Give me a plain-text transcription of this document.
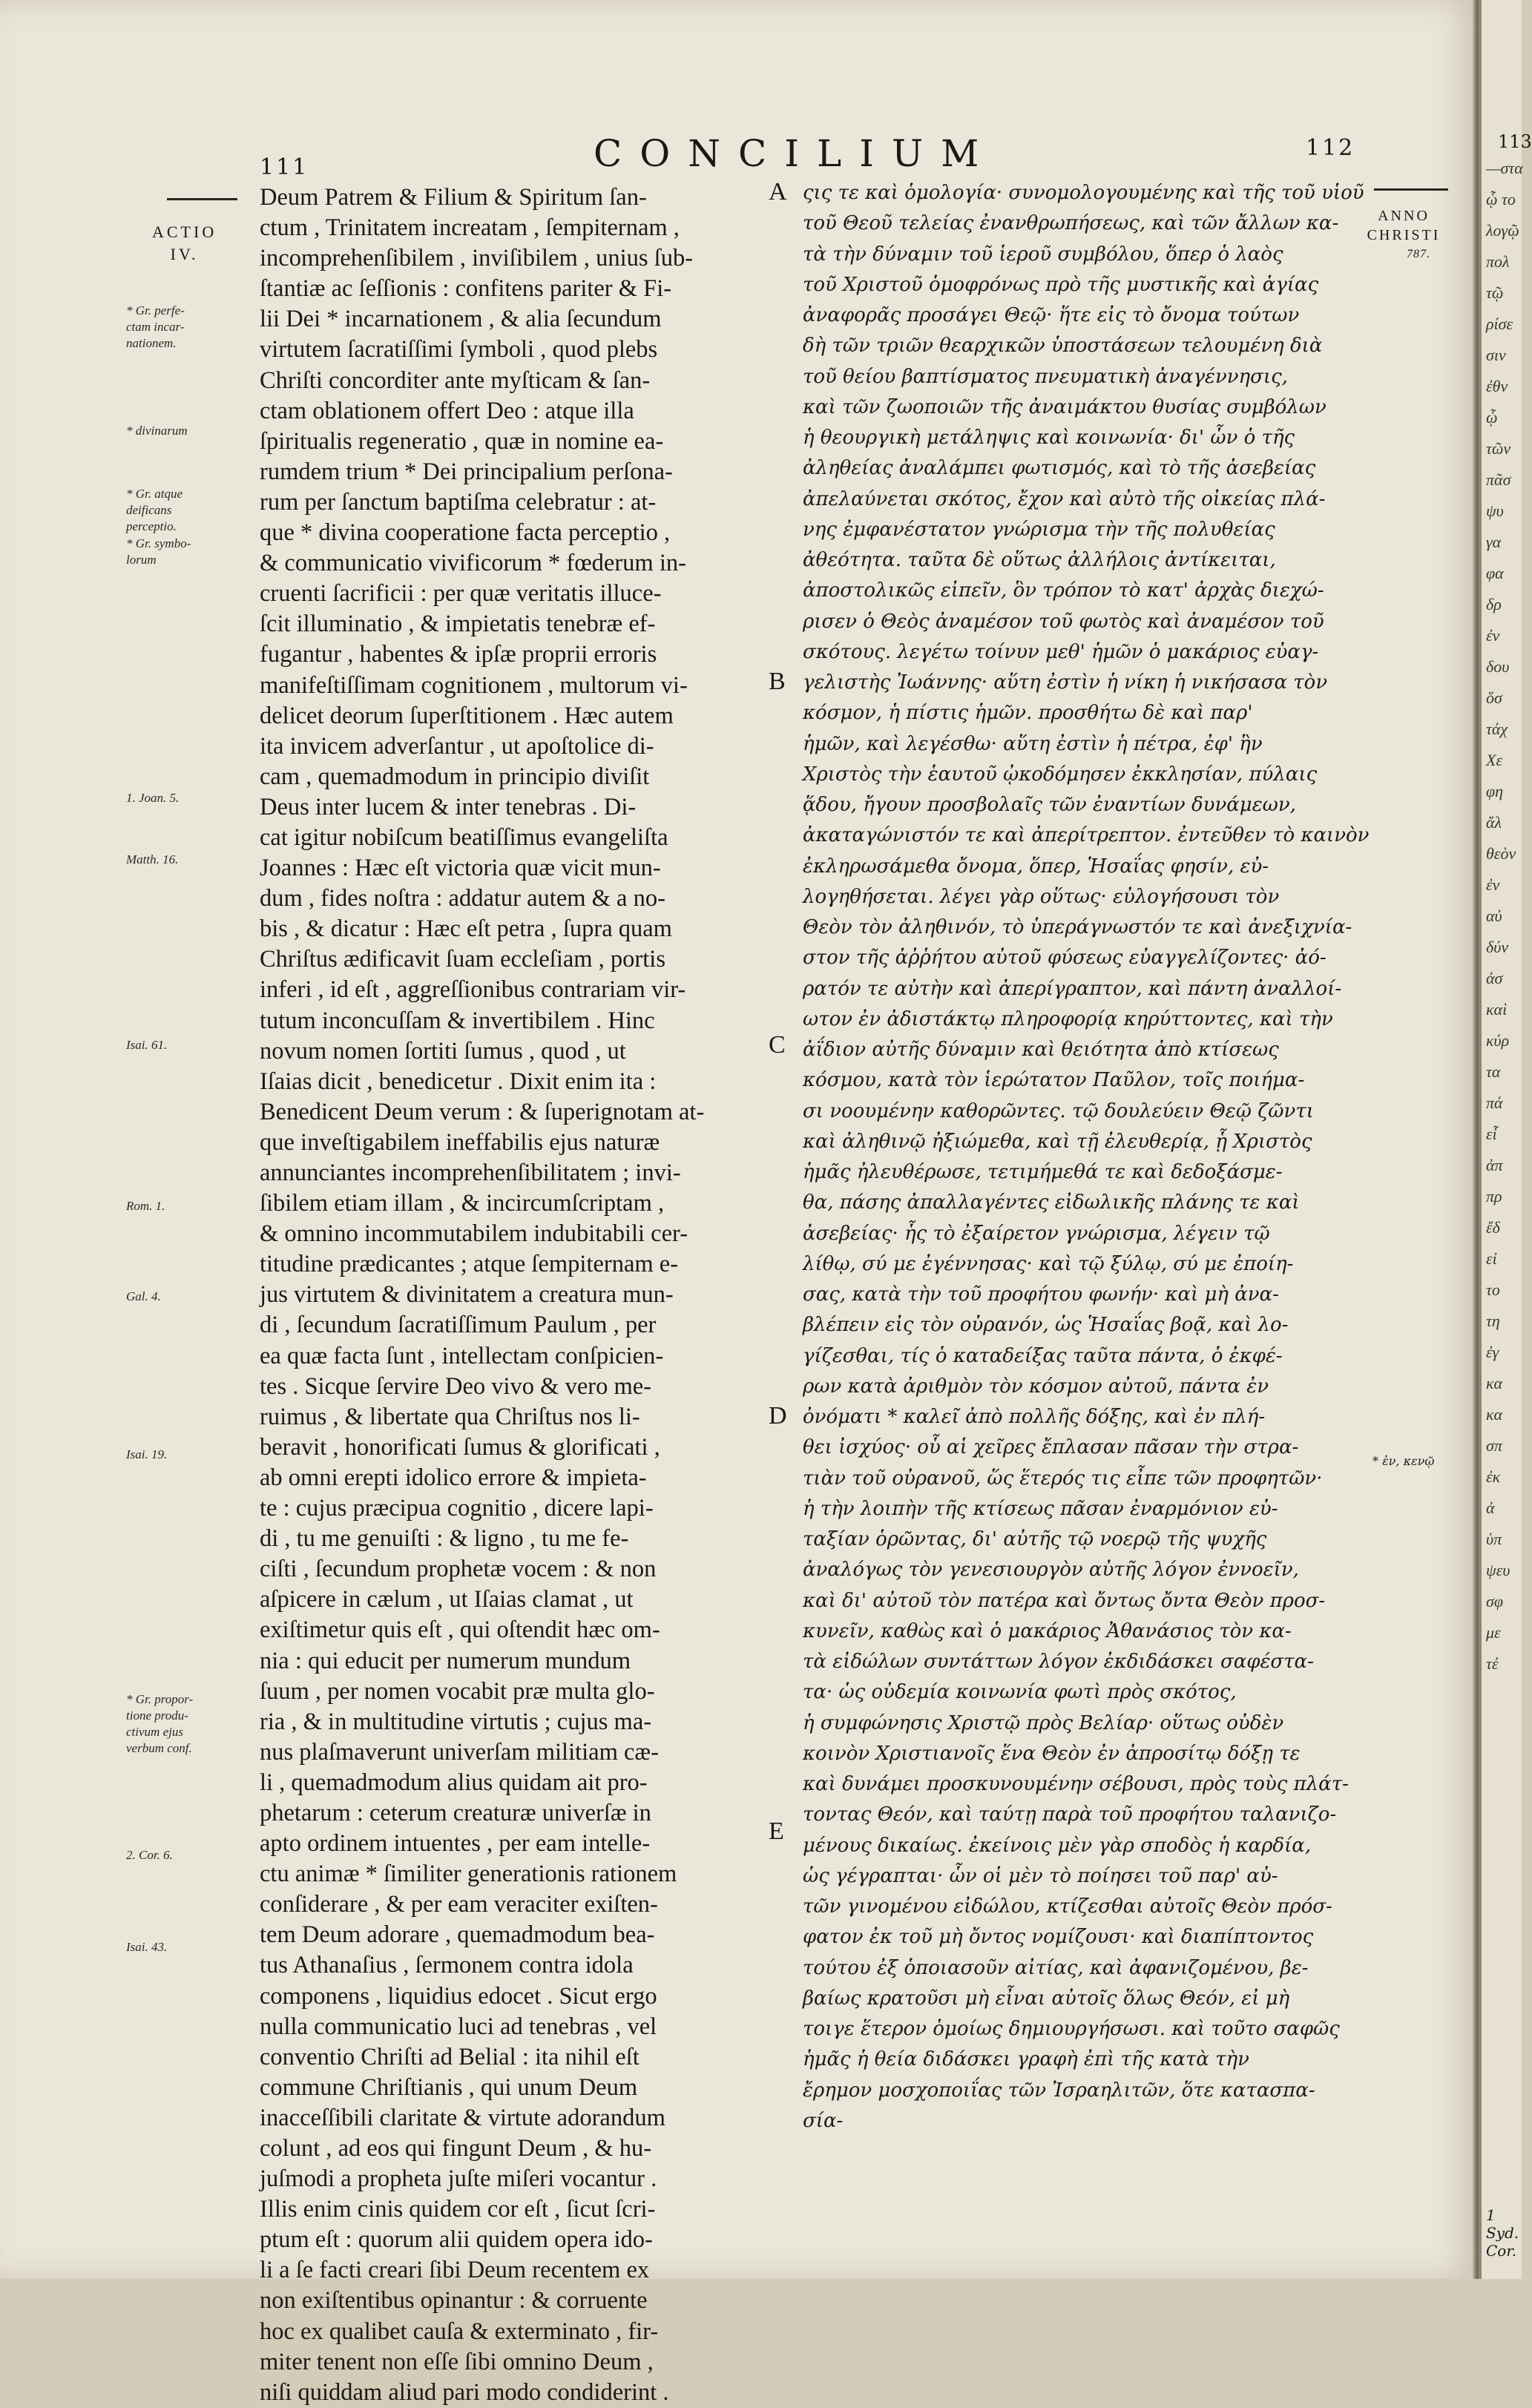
111	CONCILIUM	112
ACTIO
IV.
ANNO
CHRISTI
787.
* Gr. perfe-
ctam incar-
nationem.
* divinarum
* Gr. atque
deificans
perceptio.
* Gr. symbo-
lorum
1. Joan. 5.
Matth. 16.
Isai. 61.
Rom. 1.
Gal. 4.
Isai. 19.
* Gr. propor-
tione produ-
ctivum ejus
verbum conf.
2. Cor. 6.
Isai. 43.
Deum Patrem & Filium & Spiritum ſan-
ctum , Trinitatem increatam , ſempiternam ,
incomprehenſibilem , inviſibilem , unius ſub-
ſtantiæ ac ſeſſionis : confitens pariter & Fi-
lii Dei * incarnationem , & alia ſecundum
virtutem ſacratiſſimi ſymboli , quod plebs
Chriſti concorditer ante myſticam & ſan-
ctam oblationem offert Deo : atque illa
ſpiritualis regeneratio , quæ in nomine ea-
rumdem trium * Dei principalium perſona-
rum per ſanctum baptiſma celebratur : at-
que * divina cooperatione facta perceptio ,
& communicatio vivificorum * fœderum in-
cruenti ſacrificii : per quæ veritatis illuce-
ſcit illuminatio , & impietatis tenebræ ef-
fugantur , habentes & ipſæ proprii erroris
manifeſtiſſimam cognitionem , multorum vi-
delicet deorum ſuperſtitionem . Hæc autem
ita invicem adverſantur , ut apoſtolice di-
cam , quemadmodum in principio diviſit
Deus inter lucem & inter tenebras . Di-
cat igitur nobiſcum beatiſſimus evangeliſta
Joannes : Hæc eſt victoria quæ vicit mun-
dum , fides noſtra : addatur autem & a no-
bis , & dicatur : Hæc eſt petra , ſupra quam
Chriſtus ædificavit ſuam eccleſiam , portis
inferi , id eſt , aggreſſionibus contrariam vir-
tutum inconcuſſam & invertibilem . Hinc
novum nomen ſortiti ſumus , quod , ut
Iſaias dicit , benedicetur . Dixit enim ita :
Benedicent Deum verum : & ſuperignotam at-
que inveſtigabilem ineffabilis ejus naturæ
annunciantes incomprehenſibilitatem ; invi-
ſibilem etiam illam , & incircumſcriptam ,
& omnino incommutabilem indubitabili cer-
titudine prædicantes ; atque ſempiternam e-
jus virtutem & divinitatem a creatura mun-
di , ſecundum ſacratiſſimum Paulum , per
ea quæ facta ſunt , intellectam conſpicien-
tes . Sicque ſervire Deo vivo & vero me-
ruimus , & libertate qua Chriſtus nos li-
beravit , honorificati ſumus & glorificati ,
ab omni erepti idolico errore & impieta-
te : cujus præcipua cognitio , dicere lapi-
di , tu me genuiſti : & ligno , tu me fe-
ciſti , ſecundum prophetæ vocem : & non
aſpicere in cælum , ut Iſaias clamat , ut
exiſtimetur quis eſt , qui oſtendit hæc om-
nia : qui educit per numerum mundum
ſuum , per nomen vocabit præ multa glo-
ria , & in multitudine virtutis ; cujus ma-
nus plaſmaverunt univerſam militiam cæ-
li , quemadmodum alius quidam ait pro-
phetarum : ceterum creaturæ univerſæ in
apto ordinem intuentes , per eam intelle-
ctu animæ * ſimiliter generationis rationem
conſiderare , & per eam veraciter exiſten-
tem Deum adorare , quemadmodum bea-
tus Athanaſius , ſermonem contra idola
componens , liquidius edocet . Sicut ergo
nulla communicatio luci ad tenebras , vel
conventio Chriſti ad Belial : ita nihil eſt
commune Chriſtianis , qui unum Deum
inacceſſibili claritate & virtute adorandum
colunt , ad eos qui fingunt Deum , & hu-
juſmodi a propheta juſte miſeri vocantur .
Illis enim cinis quidem cor eſt , ſicut ſcri-
ptum eſt : quorum alii quidem opera ido-
li a ſe facti creari ſibi Deum recentem ex
non exiſtentibus opinantur : & corruente
hoc ex qualibet cauſa & exterminato , fir-
miter tenent non eſſe ſibi omnino Deum ,
niſi quiddam aliud pari modo condiderint .
A
B
C
D
E
ςις τε καὶ ὁμολογία· συνομολογουμένης καὶ τῆς τοῦ υἱοῦ
τοῦ Θεοῦ τελείας ἐνανθρωπήσεως, καὶ τῶν ἄλλων κα-
τὰ τὴν δύναμιν τοῦ ἱεροῦ συμβόλου, ὅπερ ὁ λαὸς
τοῦ Χριστοῦ ὁμοφρόνως πρὸ τῆς μυστικῆς καὶ ἁγίας
ἀναφορᾶς προσάγει Θεῷ· ἥτε εἰς τὸ ὄνομα τούτων
δὴ τῶν τριῶν θεαρχικῶν ὑποστάσεων τελουμένη διὰ
τοῦ θείου βαπτίσματος πνευματικὴ ἀναγέννησις,
καὶ τῶν ζωοποιῶν τῆς ἀναιμάκτου θυσίας συμβόλων
ἡ θεουργικὴ μετάληψις καὶ κοινωνία· δι' ὧν ὁ τῆς
ἀληθείας ἀναλάμπει φωτισμός, καὶ τὸ τῆς ἀσεβείας
ἀπελαύνεται σκότος, ἔχον καὶ αὐτὸ τῆς οἰκείας πλά-
νης ἐμφανέστατον γνώρισμα τὴν τῆς πολυθείας
ἀθεότητα. ταῦτα δὲ οὕτως ἀλλήλοις ἀντίκειται,
ἀποστολικῶς εἰπεῖν, ὃν τρόπον τὸ κατ' ἀρχὰς διεχώ-
ρισεν ὁ Θεὸς ἀναμέσον τοῦ φωτὸς καὶ ἀναμέσον τοῦ
σκότους. λεγέτω τοίνυν μεθ' ἡμῶν ὁ μακάριος εὐαγ-
γελιστὴς Ἰωάννης· αὕτη ἐστὶν ἡ νίκη ἡ νικήσασα τὸν
κόσμον, ἡ πίστις ἡμῶν. προσθήτω δὲ καὶ παρ'
ἡμῶν, καὶ λεγέσθω· αὕτη ἐστὶν ἡ πέτρα, ἐφ' ἣν
Χριστὸς τὴν ἑαυτοῦ ᾠκοδόμησεν ἐκκλησίαν, πύλαις
ᾅδου, ἤγουν προσβολαῖς τῶν ἐναντίων δυνάμεων,
ἀκαταγώνιστόν τε καὶ ἀπερίτρεπτον. ἐντεῦθεν τὸ καινὸν
ἐκληρωσάμεθα ὄνομα, ὅπερ, Ἡσαΐας φησίν, εὐ-
λογηθήσεται. λέγει γὰρ οὕτως· εὐλογήσουσι τὸν
Θεὸν τὸν ἀληθινόν, τὸ ὑπεράγνωστόν τε καὶ ἀνεξιχνία-
στον τῆς ἀῤῥήτου αὐτοῦ φύσεως εὐαγγελίζοντες· ἀό-
ρατόν τε αὐτὴν καὶ ἀπερίγραπτον, καὶ πάντη ἀναλλοί-
ωτον ἐν ἀδιστάκτῳ πληροφορίᾳ κηρύττοντες, καὶ τὴν
ἀΐδιον αὐτῆς δύναμιν καὶ θειότητα ἀπὸ κτίσεως
κόσμου, κατὰ τὸν ἱερώτατον Παῦλον, τοῖς ποιήμα-
σι νοουμένην καθορῶντες. τῷ δουλεύειν Θεῷ ζῶντι
καὶ ἀληθινῷ ἠξιώμεθα, καὶ τῇ ἐλευθερίᾳ, ᾗ Χριστὸς
ἡμᾶς ἠλευθέρωσε, τετιμήμεθά τε καὶ δεδοξάσμε-
θα, πάσης ἀπαλλαγέντες εἰδωλικῆς πλάνης τε καὶ
ἀσεβείας· ἧς τὸ ἐξαίρετον γνώρισμα, λέγειν τῷ
λίθῳ, σύ με ἐγέννησας· καὶ τῷ ξύλῳ, σύ με ἐποίη-
σας, κατὰ τὴν τοῦ προφήτου φωνήν· καὶ μὴ ἀνα-
βλέπειν εἰς τὸν οὐρανόν, ὡς Ἡσαΐας βοᾷ, καὶ λο-
γίζεσθαι, τίς ὁ καταδείξας ταῦτα πάντα, ὁ ἐκφέ-
ρων κατὰ ἀριθμὸν τὸν κόσμον αὐτοῦ, πάντα ἐν
ὀνόματι * καλεῖ ἀπὸ πολλῆς δόξης, καὶ ἐν πλή-
θει ἰσχύος· οὗ αἱ χεῖρες ἔπλασαν πᾶσαν τὴν στρα-
τιὰν τοῦ οὐρανοῦ, ὥς ἕτερός τις εἶπε τῶν προφητῶν·
ἡ τὴν λοιπὴν τῆς κτίσεως πᾶσαν ἐναρμόνιον εὐ-
ταξίαν ὁρῶντας, δι' αὐτῆς τῷ νοερῷ τῆς ψυχῆς
ἀναλόγως τὸν γενεσιουργὸν αὐτῆς λόγον ἐννοεῖν,
καὶ δι' αὐτοῦ τὸν πατέρα καὶ ὄντως ὄντα Θεὸν προσ-
κυνεῖν, καθὼς καὶ ὁ μακάριος Ἀθανάσιος τὸν κα-
τὰ εἰδώλων συντάττων λόγον ἐκδιδάσκει σαφέστα-
τα· ὡς οὐδεμία κοινωνία φωτὶ πρὸς σκότος,
ἡ συμφώνησις Χριστῷ πρὸς Βελίαρ· οὕτως οὐδὲν
κοινὸν Χριστιανοῖς ἕνα Θεὸν ἐν ἀπροσίτῳ δόξῃ τε
καὶ δυνάμει προσκυνουμένην σέβουσι, πρὸς τοὺς πλάτ-
τοντας Θεόν, καὶ ταύτῃ παρὰ τοῦ προφήτου ταλανιζο-
μένους δικαίως. ἐκείνοις μὲν γὰρ σποδὸς ἡ καρδία,
ὡς γέγραπται· ὧν οἱ μὲν τὸ ποίησει τοῦ παρ' αὐ-
τῶν γινομένου εἰδώλου, κτίζεσθαι αὐτοῖς Θεὸν πρόσ-
φατον ἐκ τοῦ μὴ ὄντος νομίζουσι· καὶ διαπίπτοντος
τούτου ἐξ ὁποιασοῦν αἰτίας, καὶ ἀφανιζομένου, βε-
βαίως κρατοῦσι μὴ εἶναι αὐτοῖς ὅλως Θεόν, εἰ μὴ
τοιγε ἕτερον ὁμοίως δημιουργήσωσι. καὶ τοῦτο σαφῶς
ἡμᾶς ἡ θεία διδάσκει γραφὴ ἐπὶ τῆς κατὰ τὴν
ἔρημον μοσχοποιΐας τῶν Ἰσραηλιτῶν, ὅτε κατασπα-
σία-
* ἐν, κενῷ
113
—στα
ᾧ το
λογῷ
πολ
τῷ
ρίσε
σιν
ἐθν
ᾧ
τῶν
πᾶσ
ψυ
γα
φα
δρ
ἐν
δου
ὅσ
τάχ
Χε
φη
ἄλ
θεὸν
ἐν
αὐ
δύν
ἀσ
καὶ
κύρ
τα
πά
εἶ
ἀπ
πρ
ἔδ
εἰ
το
τη
ἐγ
κα
κα
σπ
ἐκ
ἀ
ὑπ
ψευ
σφ
με
τέ
1 Syd. Cor.
